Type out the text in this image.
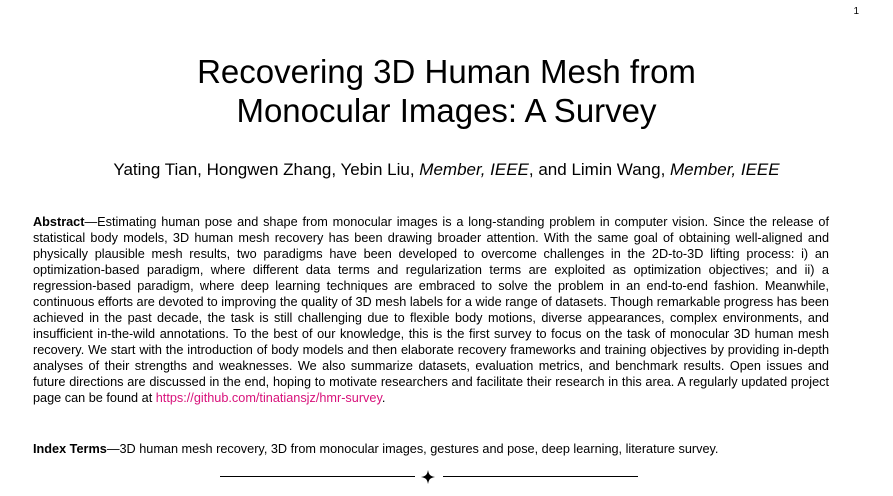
1
Recovering 3D Human Mesh from
Monocular Images: A Survey
Yating Tian, Hongwen Zhang, Yebin Liu, Member, IEEE, and Limin Wang, Member, IEEE

Abstract—Estimating human pose and shape from monocular images is a long-standing problem in computer vision. Since the release of statistical body models, 3D human mesh recovery has been drawing broader attention. With the same goal of obtaining well-aligned and physically plausible mesh results, two paradigms have been developed to overcome challenges in the 2D-to-3D lifting process: i) an optimization-based paradigm, where different data terms and regularization terms are exploited as optimization objectives; and ii) a regression-based paradigm, where deep learning techniques are embraced to solve the problem in an end-to-end fashion. Meanwhile, continuous efforts are devoted to improving the quality of 3D mesh labels for a wide range of datasets. Though remarkable progress has been achieved in the past decade, the task is still challenging due to flexible body motions, diverse appearances, complex environments, and insufficient in-the-wild annotations. To the best of our knowledge, this is the first survey to focus on the task of monocular 3D human mesh recovery. We start with the introduction of body models and then elaborate recovery frameworks and training objectives by providing in-depth analyses of their strengths and weaknesses. We also summarize datasets, evaluation metrics, and benchmark results. Open issues and future directions are discussed in the end, hoping to motivate researchers and facilitate their research in this area. A regularly updated project page can be found at https://github.com/tinatiansjz/hmr-survey.

Index Terms—3D human mesh recovery, 3D from monocular images, gestures and pose, deep learning, literature survey.
